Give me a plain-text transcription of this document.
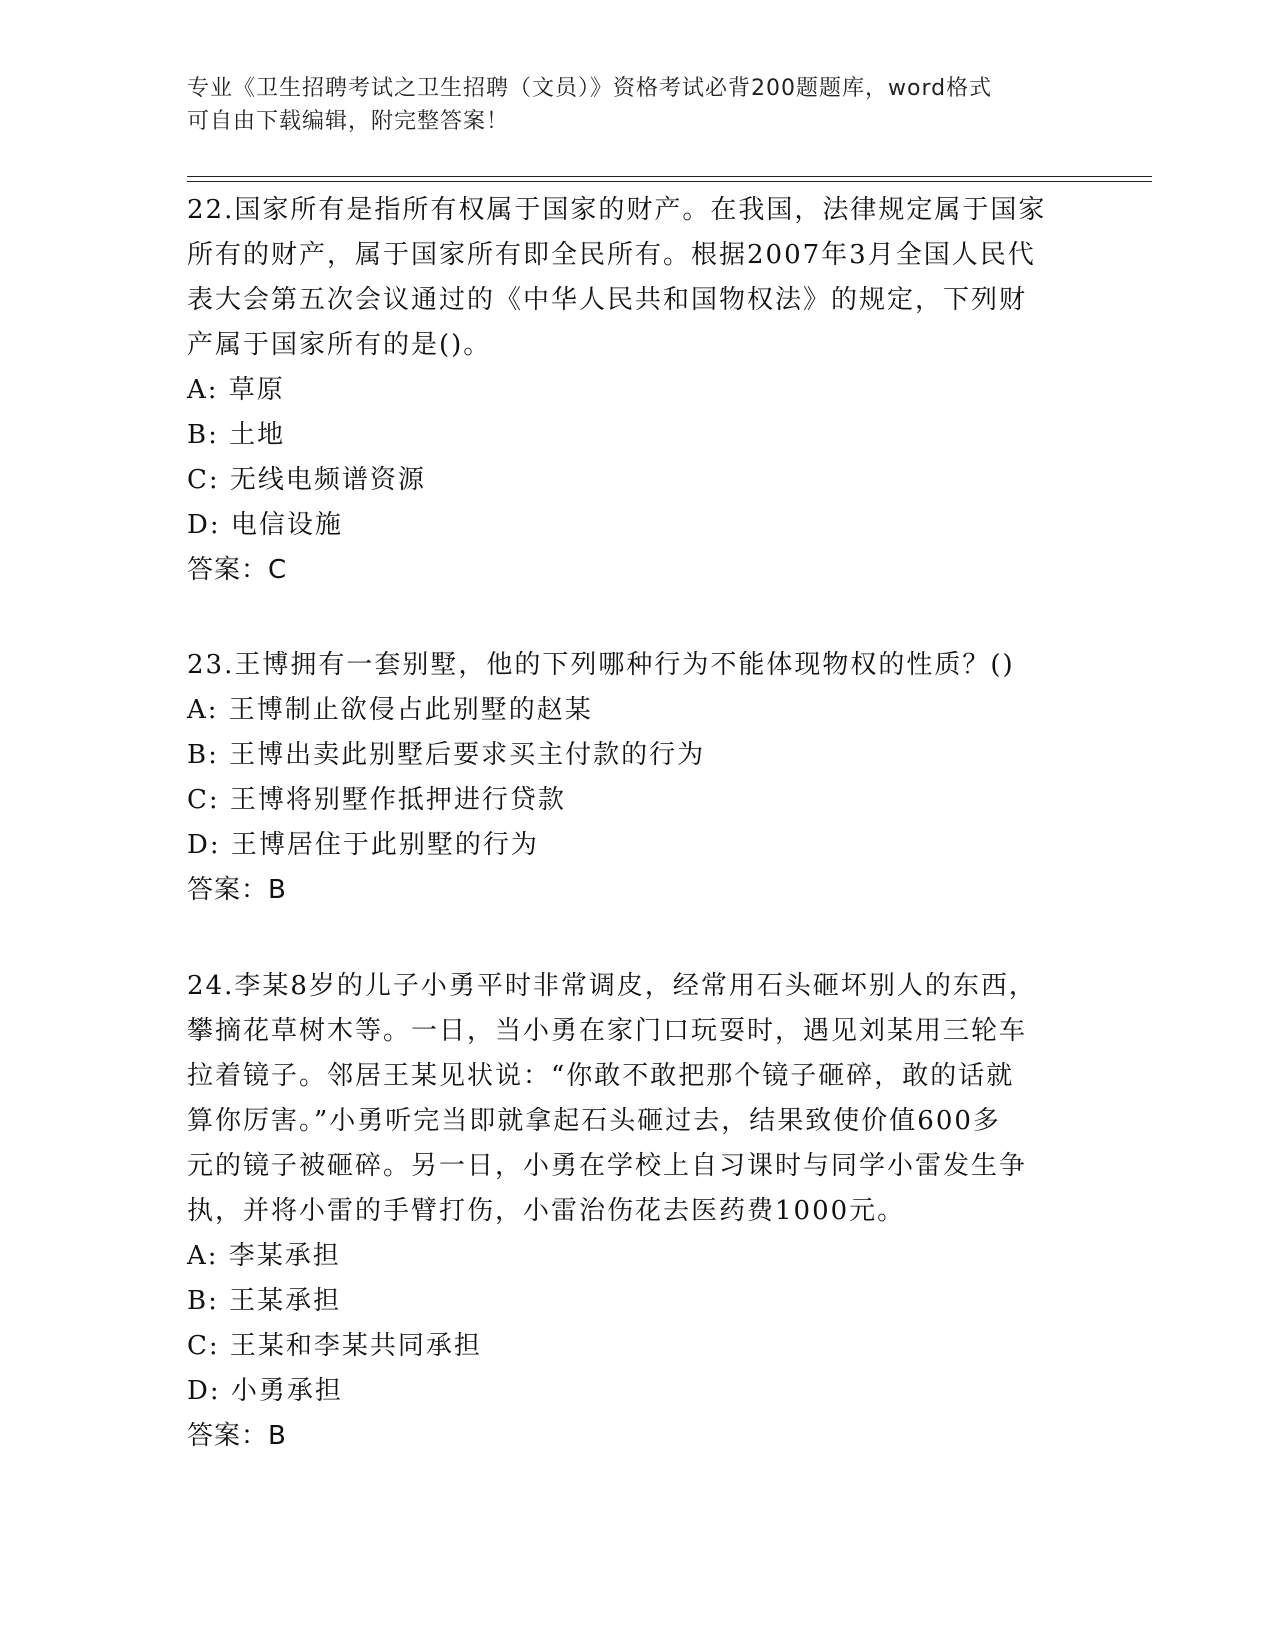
专业《卫生招聘考试之卫生招聘（文员）》资格考试必背200题题库，word格式

可自由下载编辑，附完整答案！

22.国家所有是指所有权属于国家的财产。在我国，法律规定属于国家

所有的财产，属于国家所有即全民所有。根据2007年3月全国人民代

表大会第五次会议通过的《中华人民共和国物权法》的规定，下列财

产属于国家所有的是()。

A: 草原

B: 土地

C: 无线电频谱资源

D: 电信设施

答案：C

23.王博拥有一套别墅，他的下列哪种行为不能体现物权的性质？()

A: 王博制止欲侵占此别墅的赵某

B: 王博出卖此别墅后要求买主付款的行为

C: 王博将别墅作抵押进行贷款

D: 王博居住于此别墅的行为

答案：B

24.李某8岁的儿子小勇平时非常调皮，经常用石头砸坏别人的东西，

攀摘花草树木等。一日，当小勇在家门口玩耍时，遇见刘某用三轮车

拉着镜子。邻居王某见状说：“你敢不敢把那个镜子砸碎，敢的话就

算你厉害。”小勇听完当即就拿起石头砸过去，结果致使价值600多

元的镜子被砸碎。另一日，小勇在学校上自习课时与同学小雷发生争

执，并将小雷的手臂打伤，小雷治伤花去医药费1000元。

A: 李某承担

B: 王某承担

C: 王某和李某共同承担

D: 小勇承担

答案：B
